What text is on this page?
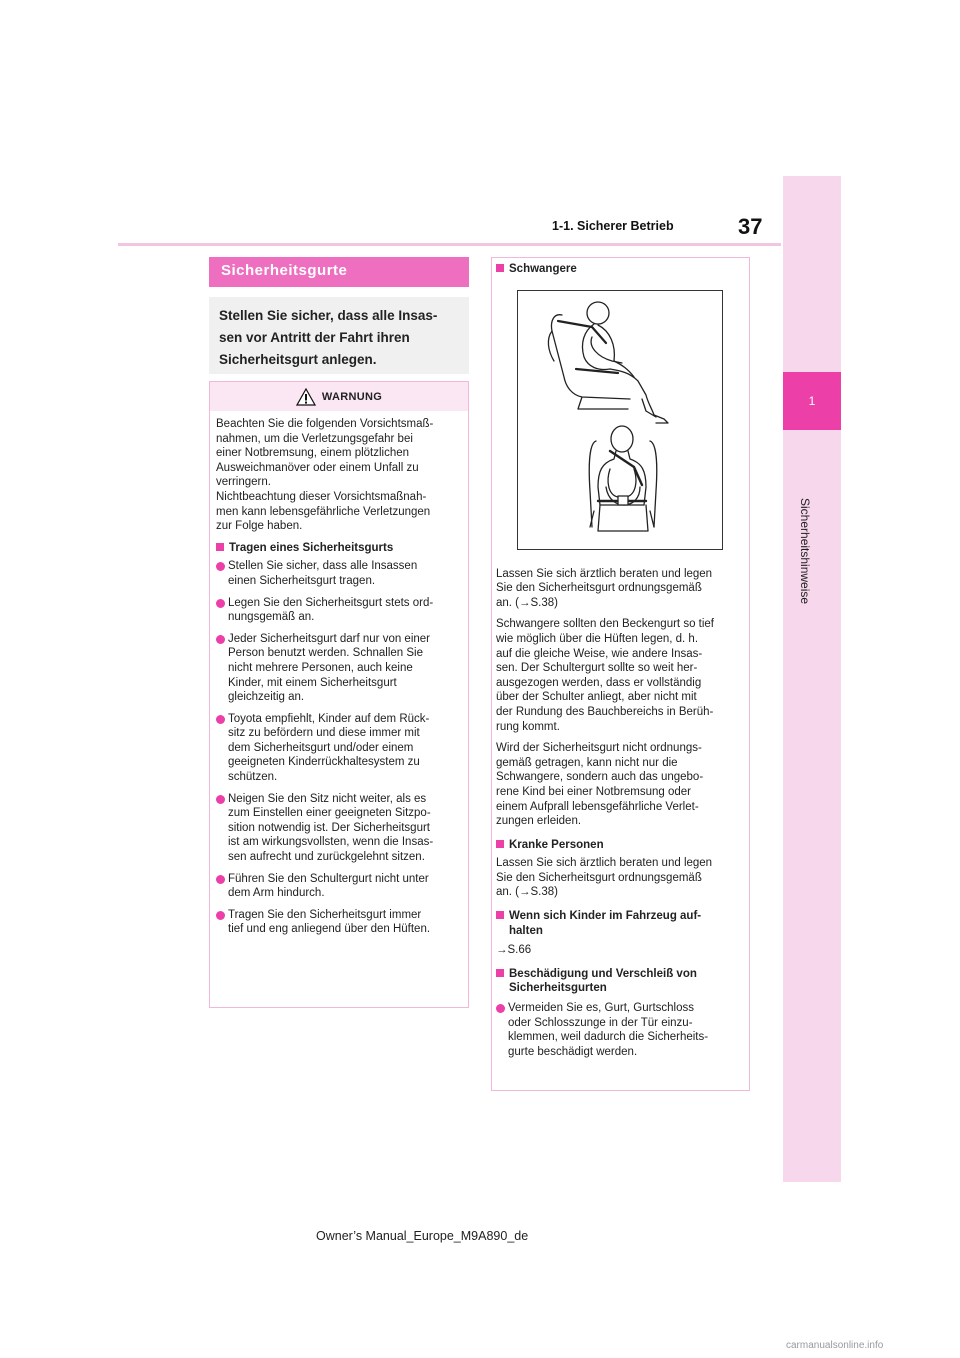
1-1. Sicherer Betrieb	37
1
Sicherheitshinweise
Sicherheitsgurte
Stellen Sie sicher, dass alle Insas-
sen vor Antritt der Fahrt ihren
Sicherheitsgurt anlegen.
WARNUNG
Beachten Sie die folgenden Vorsichtsmaß-
nahmen, um die Verletzungsgefahr bei
einer Notbremsung, einem plötzlichen
Ausweichmanöver oder einem Unfall zu
verringern.
Nichtbeachtung dieser Vorsichtsmaßnah-
men kann lebensgefährliche Verletzungen
zur Folge haben.
Tragen eines Sicherheitsgurts
Stellen Sie sicher, dass alle Insassen
einen Sicherheitsgurt tragen.
Legen Sie den Sicherheitsgurt stets ord-
nungsgemäß an.
Jeder Sicherheitsgurt darf nur von einer
Person benutzt werden. Schnallen Sie
nicht mehrere Personen, auch keine
Kinder, mit einem Sicherheitsgurt
gleichzeitig an.
Toyota empfiehlt, Kinder auf dem Rück-
sitz zu befördern und diese immer mit
dem Sicherheitsgurt und/oder einem
geeigneten Kinderrückhaltesystem zu
schützen.
Neigen Sie den Sitz nicht weiter, als es
zum Einstellen einer geeigneten Sitzpo-
sition notwendig ist. Der Sicherheitsgurt
ist am wirkungsvollsten, wenn die Insas-
sen aufrecht und zurückgelehnt sitzen.
Führen Sie den Schultergurt nicht unter
dem Arm hindurch.
Tragen Sie den Sicherheitsgurt immer
tief und eng anliegend über den Hüften.
Schwangere
Lassen Sie sich ärztlich beraten und legen
Sie den Sicherheitsgurt ordnungsgemäß
an. (→S.38)
Schwangere sollten den Beckengurt so tief
wie möglich über die Hüften legen, d. h.
auf die gleiche Weise, wie andere Insas-
sen. Der Schultergurt sollte so weit her-
ausgezogen werden, dass er vollständig
über der Schulter anliegt, aber nicht mit
der Rundung des Bauchbereichs in Berüh-
rung kommt.
Wird der Sicherheitsgurt nicht ordnungs-
gemäß getragen, kann nicht nur die
Schwangere, sondern auch das ungebo-
rene Kind bei einer Notbremsung oder
einem Aufprall lebensgefährliche Verlet-
zungen erleiden.
Kranke Personen
Lassen Sie sich ärztlich beraten und legen
Sie den Sicherheitsgurt ordnungsgemäß
an. (→S.38)
Wenn sich Kinder im Fahrzeug auf-
halten
→S.66
Beschädigung und Verschleiß von
Sicherheitsgurten
Vermeiden Sie es, Gurt, Gurtschloss
oder Schlosszunge in der Tür einzu-
klemmen, weil dadurch die Sicherheits-
gurte beschädigt werden.
Owner’s Manual_Europe_M9A890_de
carmanualsonline.info
